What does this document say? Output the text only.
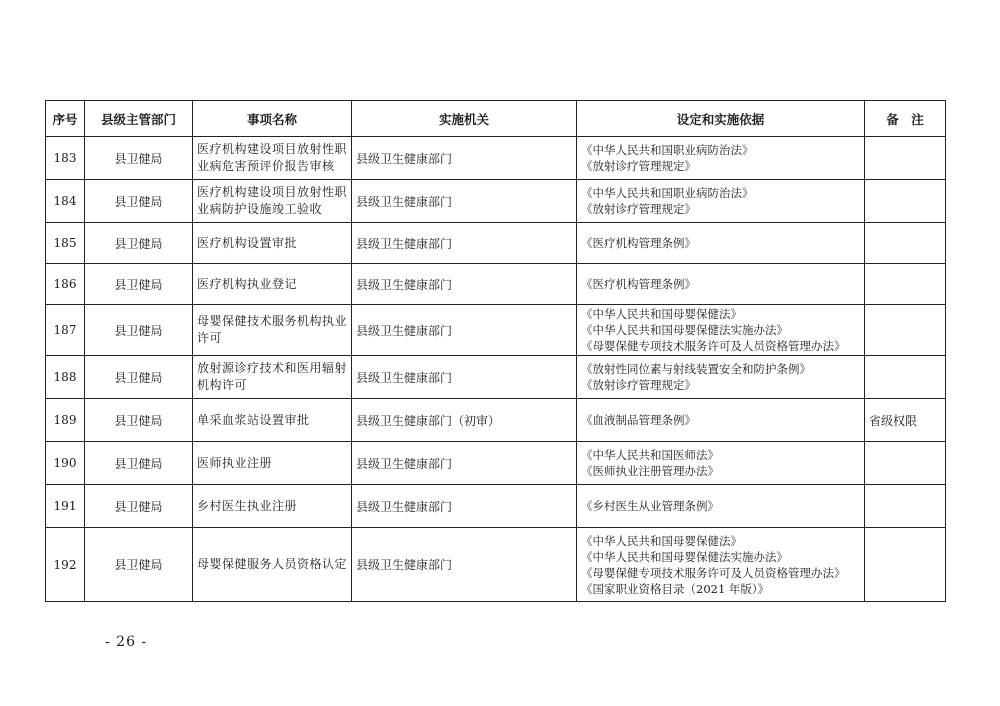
序号	县级主管部门	事项名称	实施机关	设定和实施依据	备　注
183	县卫健局	医疗机构建设项目放射性职业病危害预评价报告审核	县级卫生健康部门	《中华人民共和国职业病防治法》
《放射诊疗管理规定》	

184	县卫健局	医疗机构建设项目放射性职业病防护设施竣工验收	县级卫生健康部门	《中华人民共和国职业病防治法》
《放射诊疗管理规定》	

185	县卫健局	医疗机构设置审批	县级卫生健康部门	《医疗机构管理条例》	

186	县卫健局	医疗机构执业登记	县级卫生健康部门	《医疗机构管理条例》	

187	县卫健局	母婴保健技术服务机构执业许可	县级卫生健康部门	《中华人民共和国母婴保健法》
《中华人民共和国母婴保健法实施办法》
《母婴保健专项技术服务许可及人员资格管理办法》	

188	县卫健局	放射源诊疗技术和医用辐射机构许可	县级卫生健康部门	《放射性同位素与射线装置安全和防护条例》
《放射诊疗管理规定》	

189	县卫健局	单采血浆站设置审批	县级卫生健康部门（初审）	《血液制品管理条例》	省级权限
190	县卫健局	医师执业注册	县级卫生健康部门	《中华人民共和国医师法》
《医师执业注册管理办法》	

191	县卫健局	乡村医生执业注册	县级卫生健康部门	《乡村医生从业管理条例》	

192	县卫健局	母婴保健服务人员资格认定	县级卫生健康部门	《中华人民共和国母婴保健法》
《中华人民共和国母婴保健法实施办法》
《母婴保健专项技术服务许可及人员资格管理办法》
《国家职业资格目录（2021 年版）》	

- 26 -
